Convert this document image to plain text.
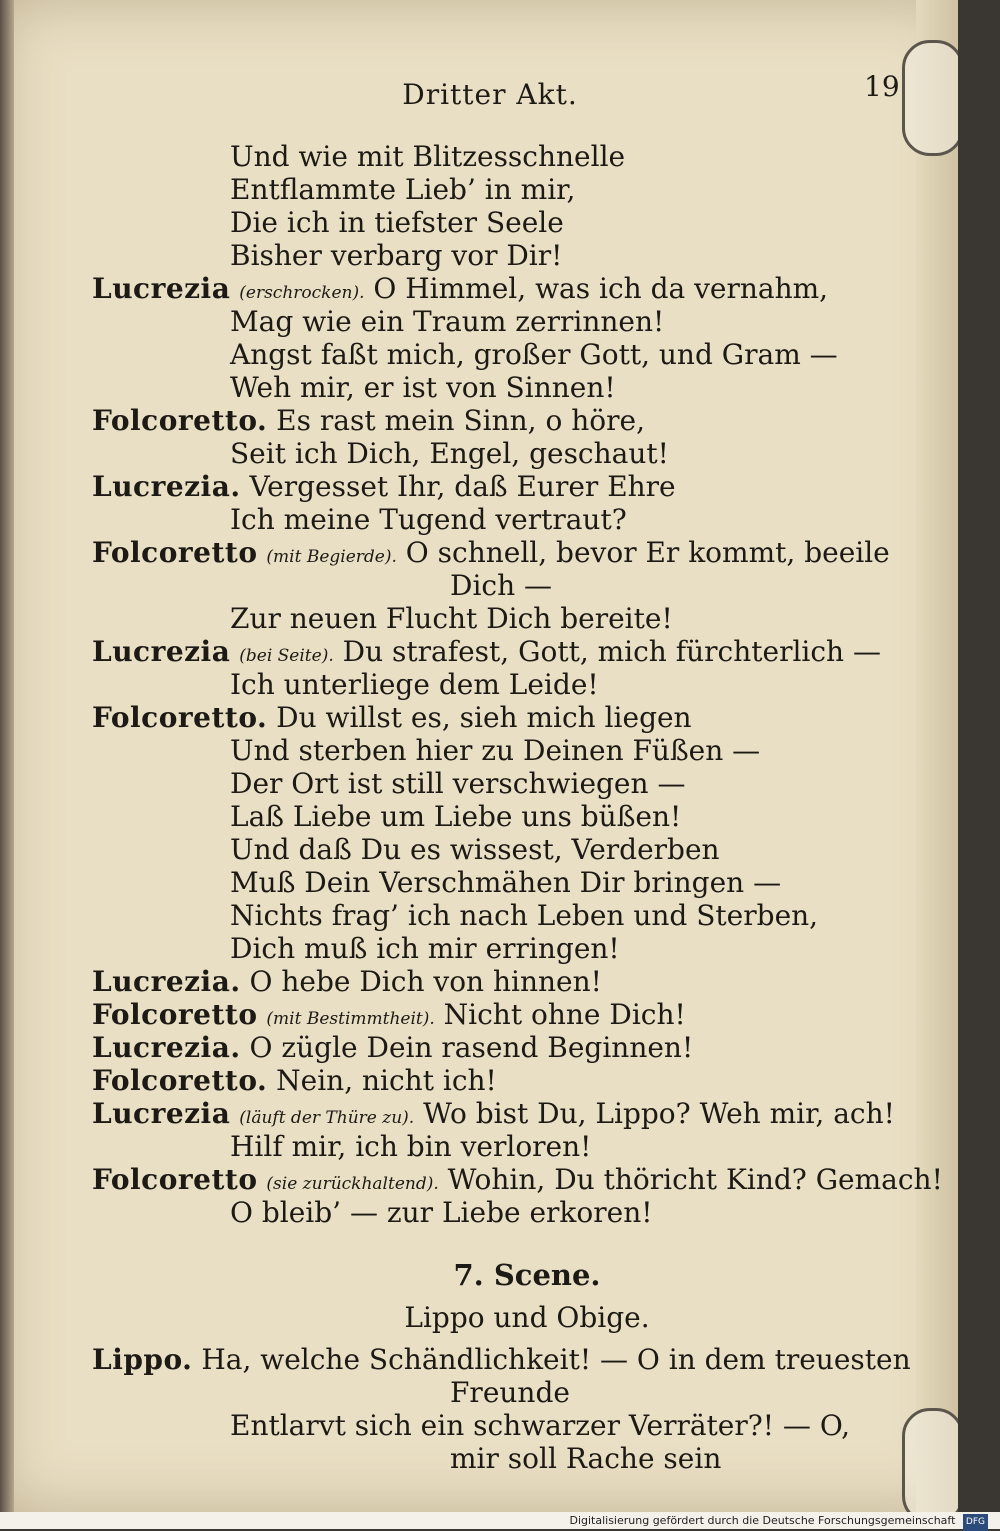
Dritter Akt.	19
Und wie mit Blitzesschnelle
Entflammte Lieb’ in mir,
Die ich in tiefster Seele
Bisher verbarg vor Dir!
Lucrezia (erschrocken). O Himmel, was ich da vernahm,
Mag wie ein Traum zerrinnen!
Angst faßt mich, großer Gott, und Gram —
Weh mir, er ist von Sinnen!
Folcoretto. Es rast mein Sinn, o höre,
Seit ich Dich, Engel, geschaut!
Lucrezia. Vergesset Ihr, daß Eurer Ehre
Ich meine Tugend vertraut?
Folcoretto (mit Begierde). O schnell, bevor Er kommt, beeile
Dich —
Zur neuen Flucht Dich bereite!
Lucrezia (bei Seite). Du strafest, Gott, mich fürchterlich —
Ich unterliege dem Leide!
Folcoretto. Du willst es, sieh mich liegen
Und sterben hier zu Deinen Füßen —
Der Ort ist still verschwiegen —
Laß Liebe um Liebe uns büßen!
Und daß Du es wissest, Verderben
Muß Dein Verschmähen Dir bringen —
Nichts frag’ ich nach Leben und Sterben,
Dich muß ich mir erringen!
Lucrezia. O hebe Dich von hinnen!
Folcoretto (mit Bestimmtheit). Nicht ohne Dich!
Lucrezia. O zügle Dein rasend Beginnen!
Folcoretto. Nein, nicht ich!
Lucrezia (läuft der Thüre zu). Wo bist Du, Lippo? Weh mir, ach!
Hilf mir, ich bin verloren!
Folcoretto (sie zurückhaltend). Wohin, Du thöricht Kind? Gemach!
O bleib’ — zur Liebe erkoren!
7. Scene.
Lippo und Obige.
Lippo. Ha, welche Schändlichkeit! — O in dem treuesten
Freunde
Entlarvt sich ein schwarzer Verräter?! — O,
mir soll Rache sein
Digitalisierung gefördert durch die Deutsche Forschungsgemeinschaft DFG
